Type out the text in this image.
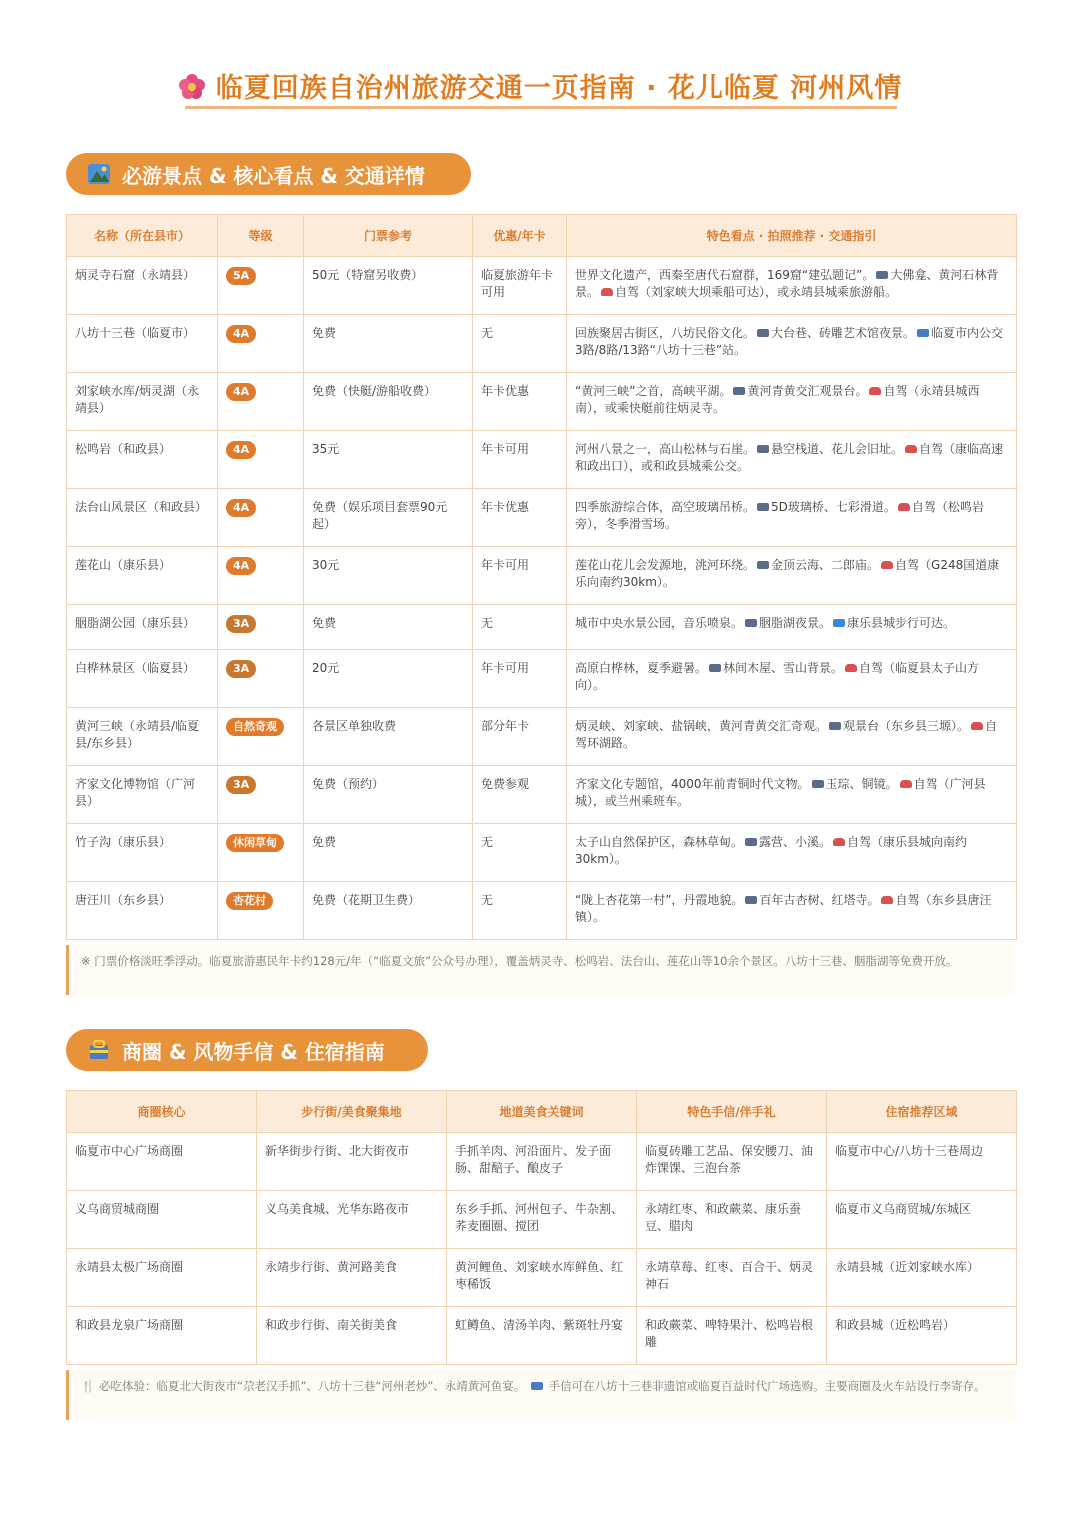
临夏回族自治州旅游交通一页指南 · 花儿临夏 河州风情
必游景点 & 核心看点 & 交通详情
名称（所在县市）	等级	门票参考	优惠/年卡	特色看点 · 拍照推荐 · 交通指引
炳灵寺石窟（永靖县）	5A	50元（特窟另收费）	临夏旅游年卡可用	世界文化遗产，西秦至唐代石窟群，169窟“建弘题记”。 大佛龛、黄河石林背景。 自驾（刘家峡大坝乘船可达），或永靖县城乘旅游船。
八坊十三巷（临夏市）	4A	免费	无	回族聚居古街区，八坊民俗文化。 大台巷、砖雕艺术馆夜景。 临夏市内公交3路/8路/13路“八坊十三巷”站。
刘家峡水库/炳灵湖（永靖县）	4A	免费（快艇/游船收费）	年卡优惠	“黄河三峡”之首，高峡平湖。 黄河青黄交汇观景台。 自驾（永靖县城西南），或乘快艇前往炳灵寺。
松鸣岩（和政县）	4A	35元	年卡可用	河州八景之一，高山松林与石崖。 悬空栈道、花儿会旧址。 自驾（康临高速和政出口），或和政县城乘公交。
法台山风景区（和政县）	4A	免费（娱乐项目套票90元起）	年卡优惠	四季旅游综合体，高空玻璃吊桥。 5D玻璃桥、七彩滑道。 自驾（松鸣岩旁），冬季滑雪场。
莲花山（康乐县）	4A	30元	年卡可用	莲花山花儿会发源地，洮河环绕。 金顶云海、二郎庙。 自驾（G248国道康乐向南约30km）。
胭脂湖公园（康乐县）	3A	免费	无	城市中央水景公园，音乐喷泉。 胭脂湖夜景。 康乐县城步行可达。
白桦林景区（临夏县）	3A	20元	年卡可用	高原白桦林，夏季避暑。 林间木屋、雪山背景。 自驾（临夏县太子山方向）。
黄河三峡（永靖县/临夏县/东乡县）	自然奇观	各景区单独收费	部分年卡	炳灵峡、刘家峡、盐锅峡，黄河青黄交汇奇观。 观景台（东乡县三塬）。 自驾环湖路。
齐家文化博物馆（广河县）	3A	免费（预约）	免费参观	齐家文化专题馆，4000年前青铜时代文物。 玉琮、铜镜。 自驾（广河县城），或兰州乘班车。
竹子沟（康乐县）	休闲草甸	免费	无	太子山自然保护区，森林草甸。 露营、小溪。 自驾（康乐县城向南约30km）。
唐汪川（东乡县）	杏花村	免费（花期卫生费）	无	“陇上杏花第一村”，丹霞地貌。 百年古杏树、红塔寺。 自驾（东乡县唐汪镇）。
※ 门票价格淡旺季浮动。临夏旅游惠民年卡约128元/年（“临夏文旅”公众号办理），覆盖炳灵寺、松鸣岩、法台山、莲花山等10余个景区。八坊十三巷、胭脂湖等免费开放。
商圈 & 风物手信 & 住宿指南
商圈核心	步行街/美食聚集地	地道美食关键词	特色手信/伴手礼	住宿推荐区域
临夏市中心广场商圈	新华街步行街、北大街夜市	手抓羊肉、河沿面片、发子面肠、甜醅子、酿皮子	临夏砖雕工艺品、保安腰刀、油炸馃馃、三泡台茶	临夏市中心/八坊十三巷周边
义乌商贸城商圈	义乌美食城、光华东路夜市	东乡手抓、河州包子、牛杂割、荞麦圈圈、搅团	永靖红枣、和政蕨菜、康乐蚕豆、腊肉	临夏市义乌商贸城/东城区
永靖县太极广场商圈	永靖步行街、黄河路美食	黄河鲤鱼、刘家峡水库鲜鱼、红枣稀饭	永靖草莓、红枣、百合干、炳灵神石	永靖县城（近刘家峡水库）
和政县龙泉广场商圈	和政步行街、南关街美食	虹鳟鱼、清汤羊肉、紫斑牡丹宴	和政蕨菜、啤特果汁、松鸣岩根雕	和政县城（近松鸣岩）
🍴 必吃体验：临夏北大街夜市“尕老汉手抓”、八坊十三巷“河州老炒”、永靖黄河鱼宴。 手信可在八坊十三巷非遗馆或临夏百益时代广场选购。主要商圈及火车站设行李寄存。
